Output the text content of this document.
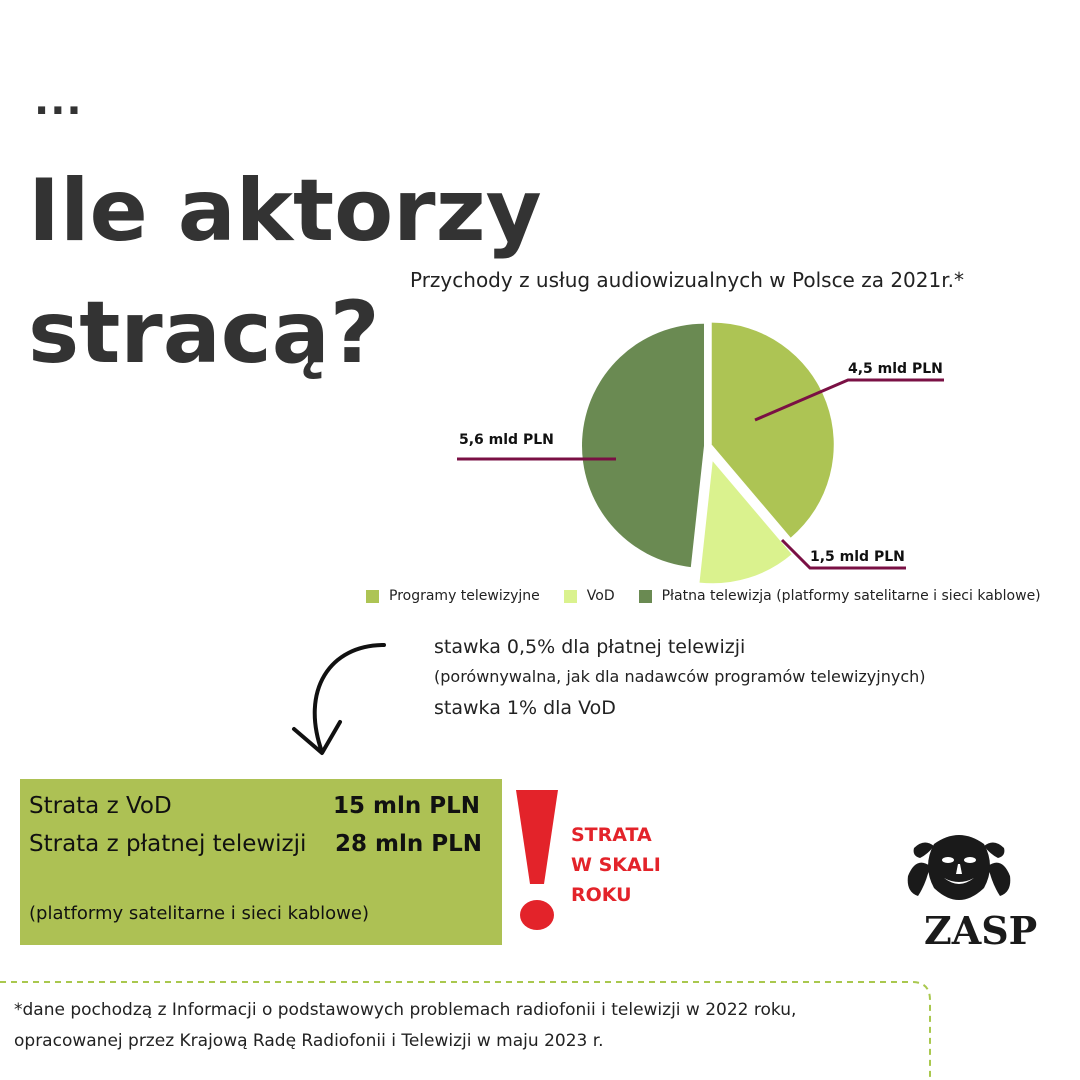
...
Ile aktorzy
stracą?
Przychody z usług audiowizualnych w Polsce za 2021r.*
4,5 mld PLN
1,5 mld PLN
5,6 mld PLN
Programy telewizyjne	VoD	Płatna telewizja (platformy satelitarne i sieci kablowe)
stawka 0,5% dla płatnej telewizji
(porównywalna, jak dla nadawców programów telewizyjnych)
stawka 1% dla VoD
Strata z VoD	15 mln PLN
Strata z płatnej telewizji 28 mln PLN
(platformy satelitarne i sieci kablowe)
STRATA
W SKALI
ROKU
ZASP
*dane pochodzą z Informacji o podstawowych problemach radiofonii i telewizji w 2022 roku,
opracowanej przez Krajową Radę Radiofonii i Telewizji w maju 2023 r.
